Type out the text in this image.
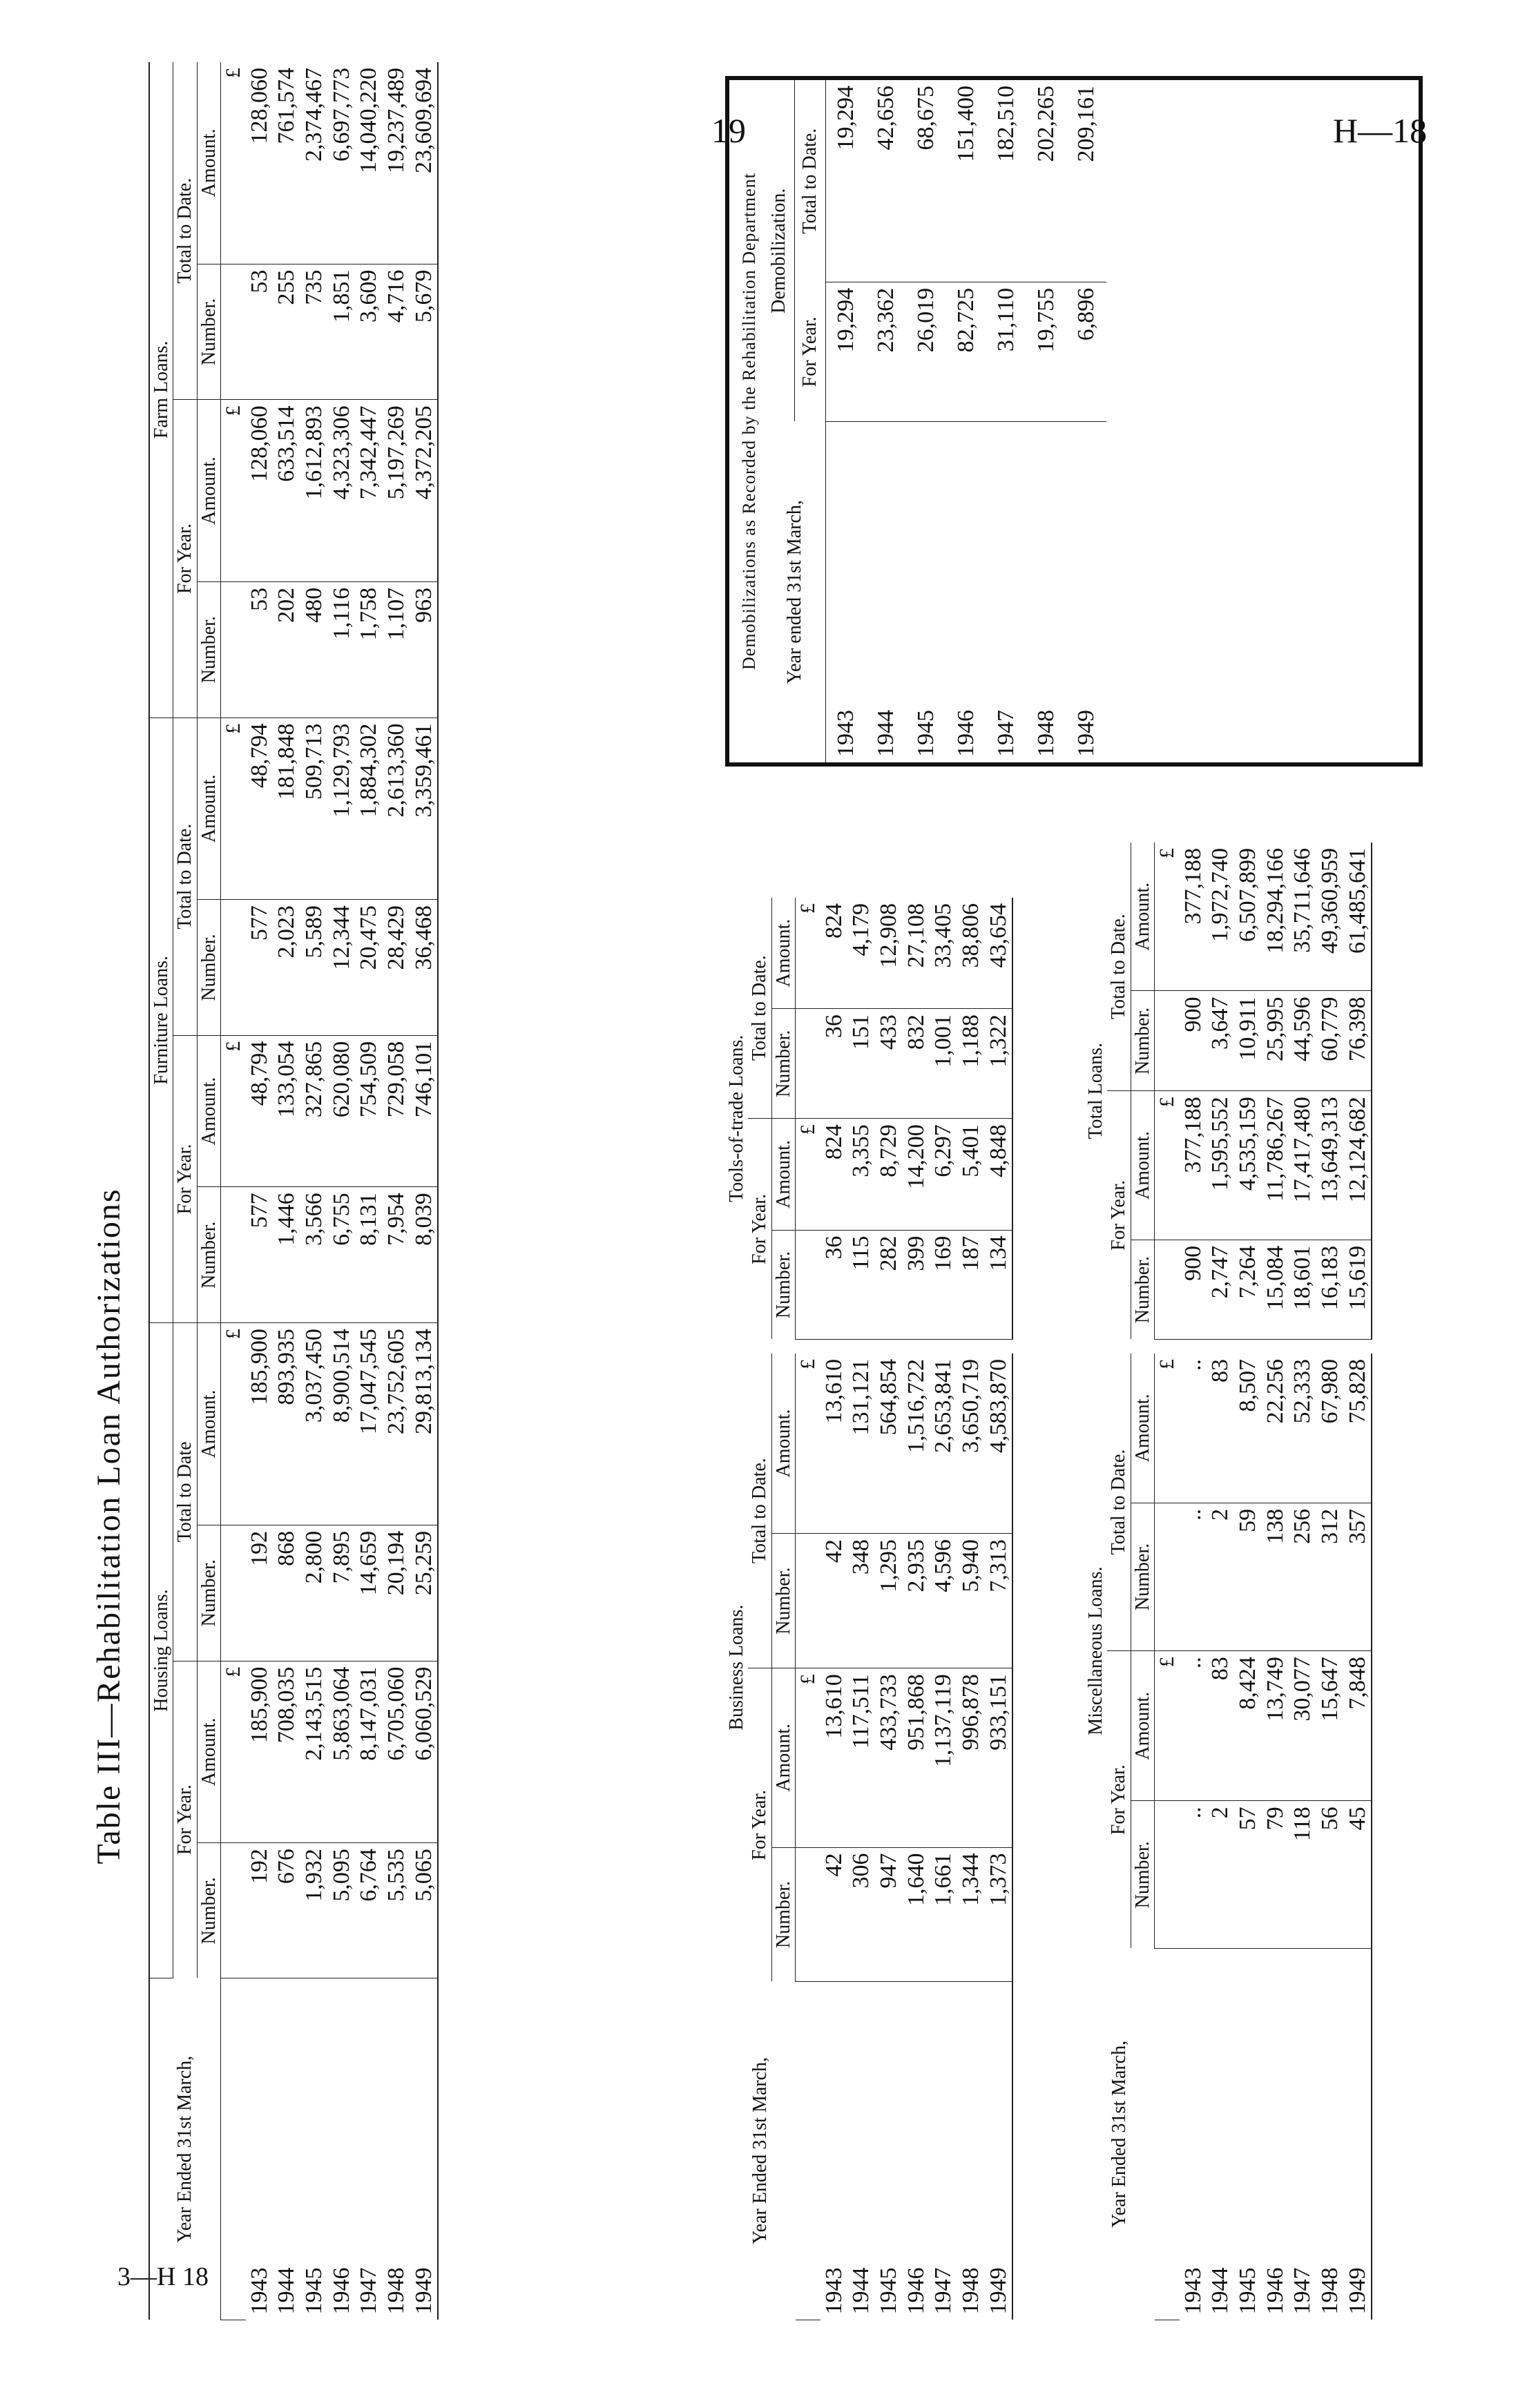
19	H—18
3—H 18
Table III—Rehabilitation Loan Authorizations
Year Ended 31st March,	Housing Loans.				Furniture Loans.				Farm Loans.			
	For Year.		Total to Date		For Year.		Total to Date.		For Year.		Total to Date.	
	Number.	Amount.	Number.	Amount.	Number.	Amount.	Number.	Amount.	Number.	Amount.	Number.	Amount.
		£		£		£		£		£		£
1943	192	185,900	192	185,900	577	48,794	577	48,794	53	128,060	53	128,060
1944	676	708,035	868	893,935	1,446	133,054	2,023	181,848	202	633,514	255	761,574
1945	1,932	2,143,515	2,800	3,037,450	3,566	327,865	5,589	509,713	480	1,612,893	735	2,374,467
1946	5,095	5,863,064	7,895	8,900,514	6,755	620,080	12,344	1,129,793	1,116	4,323,306	1,851	6,697,773
1947	6,764	8,147,031	14,659	17,047,545	8,131	754,509	20,475	1,884,302	1,758	7,342,447	3,609	14,040,220
1948	5,535	6,705,060	20,194	23,752,605	7,954	729,058	28,429	2,613,360	1,107	5,197,269	4,716	19,237,489
1949	5,065	6,060,529	25,259	29,813,134	8,039	746,101	36,468	3,359,461	963	4,372,205	5,679	23,609,694
Year Ended 31st March,	Business Loans.			
	For Year.		Total to Date.	
	Number.	Amount.	Number.	Amount.
		£		£
1943	42	13,610	42	13,610
1944	306	117,511	348	131,121
1945	947	433,733	1,295	564,854
1946	1,640	951,868	2,935	1,516,722
1947	1,661	1,137,119	4,596	2,653,841
1948	1,344	996,878	5,940	3,650,719
1949	1,373	933,151	7,313	4,583,870
Tools-of-trade Loans.			
For Year.		Total to Date.	
Number.	Amount.	Number.	Amount.
	£		£
36	824	36	824
115	3,355	151	4,179
282	8,729	433	12,908
399	14,200	832	27,108
169	6,297	1,001	33,405
187	5,401	1,188	38,806
134	4,848	1,322	43,654
Year Ended 31st March,	Miscellaneous Loans.			
	For Year.		Total to Date.	
	Number.	Amount.	Number.	Amount.
		£		£
1943	..	..	..	..
1944	2	83	2	83
1945	57	8,424	59	8,507
1946	79	13,749	138	22,256
1947	118	30,077	256	52,333
1948	56	15,647	312	67,980
1949	45	7,848	357	75,828
Total Loans.			
For Year.		Total to Date.	
Number.	Amount.	Number.	Amount.
	£		£
900	377,188	900	377,188
2,747	1,595,552	3,647	1,972,740
7,264	4,535,159	10,911	6,507,899
15,084	11,786,267	25,995	18,294,166
18,601	17,417,480	44,596	35,711,646
16,183	13,649,313	60,779	49,360,959
15,619	12,124,682	76,398	61,485,641
Demobilizations as Recorded by the Rehabilitation Department Year ended 31st March,	Demobilization.	
	For Year.	Total to Date.
1943	19,294	19,294
1944	23,362	42,656
1945	26,019	68,675
1946	82,725	151,400
1947	31,110	182,510
1948	19,755	202,265
1949	6,896	209,161
